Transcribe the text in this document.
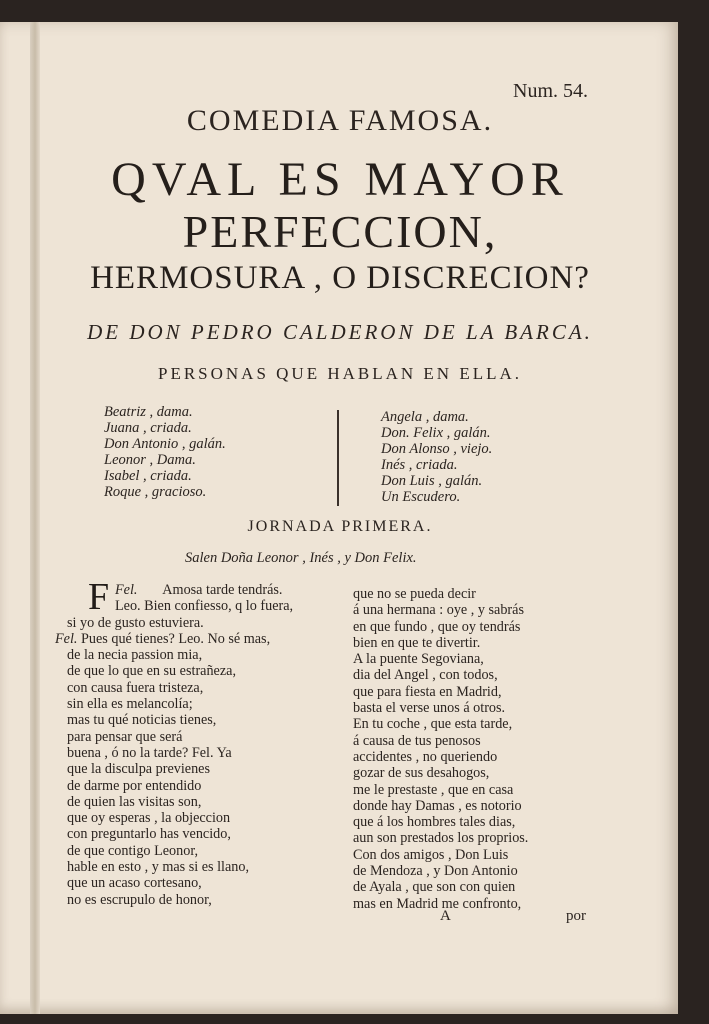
Num. 54.
COMEDIA FAMOSA.
QVAL ES MAYOR
PERFECCION,
HERMOSURA , O DISCRECION?
DE DON PEDRO CALDERON DE LA BARCA.
PERSONAS QUE HABLAN EN ELLA.
Beatriz , dama.
Juana , criada.
Don Antonio , galán.
Leonor , Dama.
Isabel , criada.
Roque , gracioso.
Angela , dama.
Don. Felix , galán.
Don Alonso , viejo.
Inés , criada.
Don Luis , galán.
Un Escudero.
JORNADA PRIMERA.
Salen Doña Leonor , Inés , y Don Felix.
F Fel. Amosa tarde tendrás.
Leo. Bien confiesso, q lo fuera,
si yo de gusto estuviera.
Fel. Pues qué tienes? Leo. No sé mas,
de la necia passion mia,
de que lo que en su estrañeza,
con causa fuera tristeza,
sin ella es melancolía;
mas tu qué noticias tienes,
para pensar que será
buena , ó no la tarde? Fel. Ya
que la disculpa previenes
de darme por entendido
de quien las visitas son,
que oy esperas , la objeccion
con preguntarlo has vencido,
de que contigo Leonor,
hable en esto , y mas si es llano,
que un acaso cortesano,
no es escrupulo de honor,
que no se pueda decir
á una hermana : oye , y sabrás
en que fundo , que oy tendrás
bien en que te divertir.
A la puente Segoviana,
dia del Angel , con todos,
que para fiesta en Madrid,
basta el verse unos á otros.
En tu coche , que esta tarde,
á causa de tus penosos
accidentes , no queriendo
gozar de sus desahogos,
me le prestaste , que en casa
donde hay Damas , es notorio
que á los hombres tales dias,
aun son prestados los proprios.
Con dos amigos , Don Luis
de Mendoza , y Don Antonio
de Ayala , que son con quien
mas en Madrid me confronto,
A	por
